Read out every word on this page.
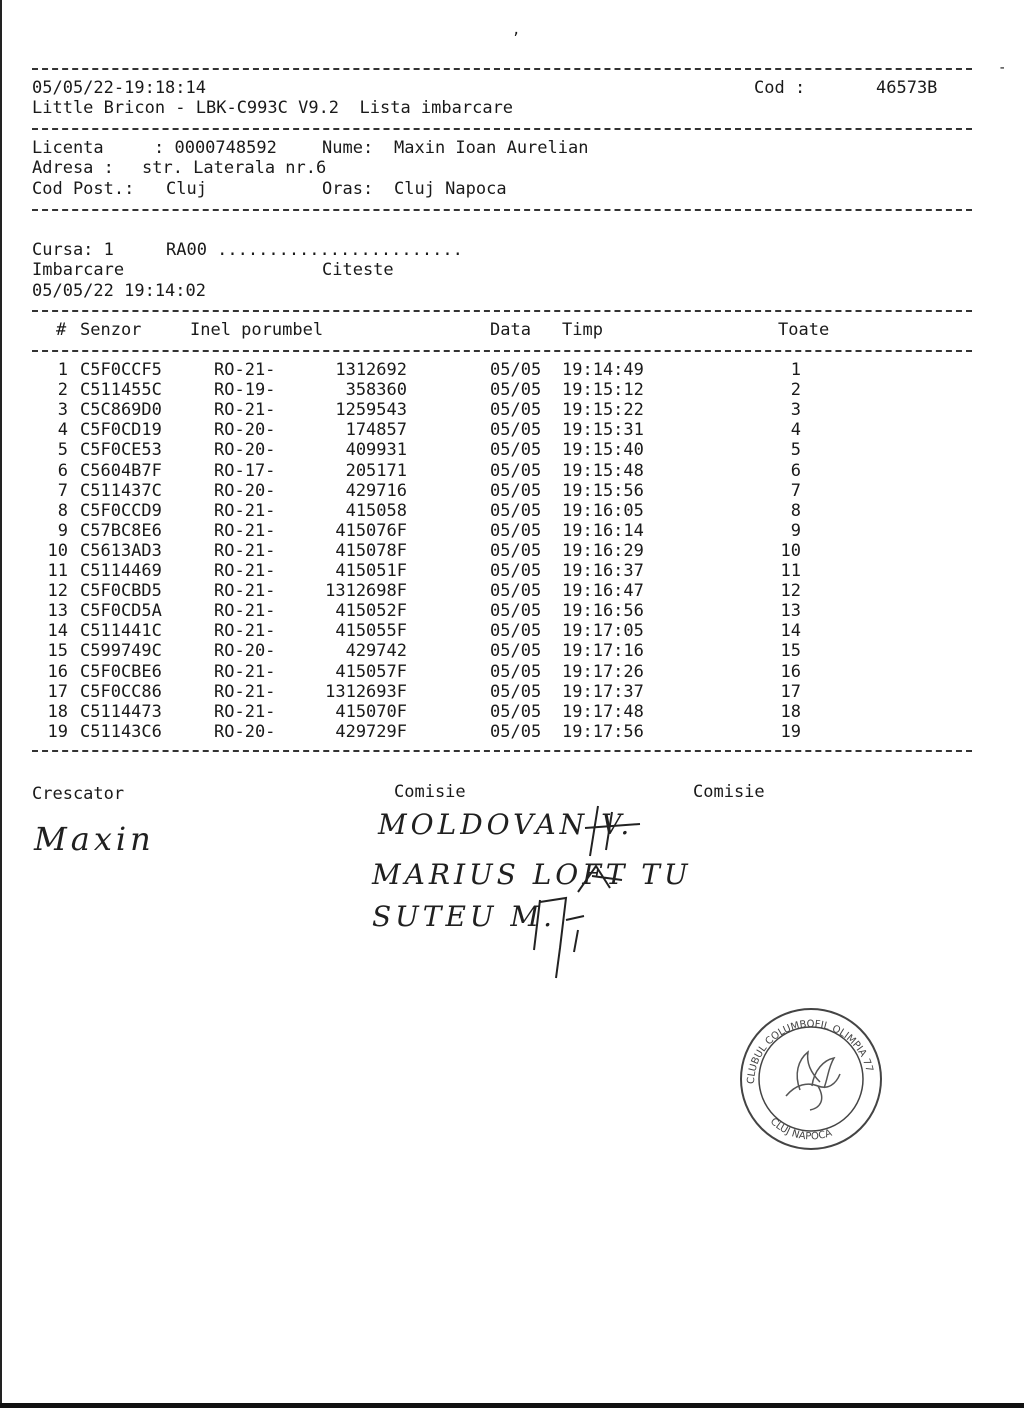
,
-
05/05/22-19:18:14	Cod :	46573B
Little Bricon - LBK-C993C V9.2  Lista imbarcare
Licenta	: 0000748592	Nume: Maxin Ioan Aurelian
Adresa : str. Laterala nr.6
Cod Post.: Cluj	Oras: Cluj Napoca
Cursa: 1	RA00 ........................
Imbarcare	Citeste
05/05/22 19:14:02
# Senzor	Inel porumbel	Data Timp	Toate
1 C5F0CCF5	RO-21-	1312692	05/05 19:14:49	1
2 C511455C	RO-19-	358360	05/05 19:15:12	2
3 C5C869D0	RO-21-	1259543	05/05 19:15:22	3
4 C5F0CD19	RO-20-	174857	05/05 19:15:31	4
5 C5F0CE53	RO-20-	409931	05/05 19:15:40	5
6 C5604B7F	RO-17-	205171	05/05 19:15:48	6
7 C511437C	RO-20-	429716	05/05 19:15:56	7
8 C5F0CCD9	RO-21-	415058	05/05 19:16:05	8
9 C57BC8E6	RO-21-	415076F	05/05 19:16:14	9
10 C5613AD3	RO-21-	415078F	05/05 19:16:29	10
11 C5114469	RO-21-	415051F	05/05 19:16:37	11
12 C5F0CBD5	RO-21-	1312698F	05/05 19:16:47	12
13 C5F0CD5A	RO-21-	415052F	05/05 19:16:56	13
14 C511441C	RO-21-	415055F	05/05 19:17:05	14
15 C599749C	RO-20-	429742	05/05 19:17:16	15
16 C5F0CBE6	RO-21-	415057F	05/05 19:17:26	16
17 C5F0CC86	RO-21-	1312693F	05/05 19:17:37	17
18 C5114473	RO-21-	415070F	05/05 19:17:48	18
19 C51143C6	RO-20-	429729F	05/05 19:17:56	19
Crescator	Comisie	Comisie
Maxin	MOLDOVAN V.
MARIUS LOFT TU
SUTEU M.
CLUBUL COLUMBOFIL OLIMPIA 77
CLUJ NAPOCA
